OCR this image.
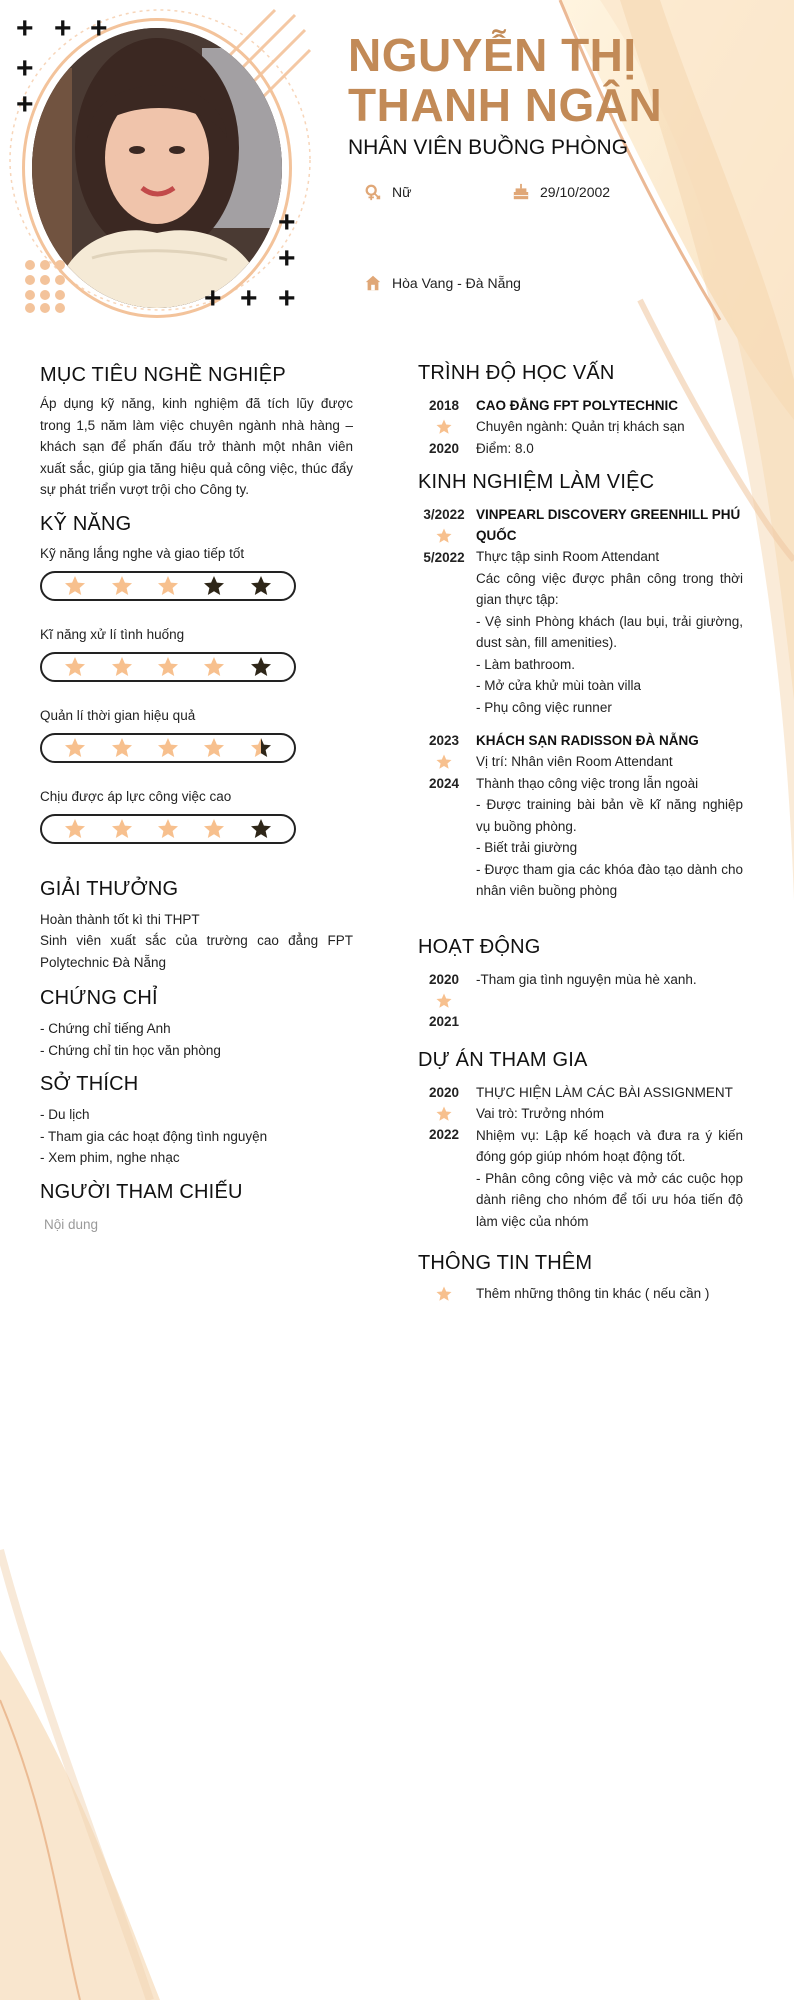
+ + +
+
+
+
+
+ + +
NGUYỄN THỊ
THANH NGÂN
NHÂN VIÊN BUỒNG PHÒNG
Nữ	29/10/2002
Hòa Vang - Đà Nẵng
MỤC TIÊU NGHỀ NGHIỆP
Áp dụng kỹ năng, kinh nghiệm đã tích lũy được trong 1,5 năm làm việc chuyên ngành nhà hàng – khách sạn để phấn đấu trở thành một nhân viên xuất sắc, giúp gia tăng hiệu quả công việc, thúc đẩy sự phát triển vượt trội cho Công ty.
KỸ NĂNG
Kỹ năng lắng nghe và giao tiếp tốt
Kĩ năng xử lí tình huống
Quản lí thời gian hiệu quả
Chịu được áp lực công việc cao
GIẢI THƯỞNG
Hoàn thành tốt kì thi THPT
Sinh viên xuất sắc của trường cao đẳng FPT Polytechnic Đà Nẵng
CHỨNG CHỈ
- Chứng chỉ tiếng Anh
- Chứng chỉ tin học văn phòng
SỞ THÍCH
- Du lịch
- Tham gia các hoạt động tình nguyện
- Xem phim, nghe nhạc
NGƯỜI THAM CHIẾU
Nội dung
TRÌNH ĐỘ HỌC VẤN
2018
2020
CAO ĐẲNG FPT POLYTECHNIC
Chuyên ngành: Quản trị khách sạn
Điểm: 8.0
KINH NGHIỆM LÀM VIỆC
3/2022
5/2022
VINPEARL DISCOVERY GREENHILL PHÚ QUỐC
Thực tập sinh Room Attendant
Các công việc được phân công trong thời gian thực tập:
- Vệ sinh Phòng khách (lau bụi, trải giường, dust sàn, fill amenities).
- Làm bathroom.
- Mở cửa khử mùi toàn villa
- Phụ công việc runner
2023
2024
KHÁCH SẠN RADISSON ĐÀ NẴNG
Vị trí: Nhân viên Room Attendant
Thành thạo công việc trong lẫn ngoài
- Được training bài bản về kĩ năng nghiệp vụ buồng phòng.
- Biết trải giường
- Được tham gia các khóa đào tạo dành cho nhân viên buồng phòng
HOẠT ĐỘNG
2020
2021
-Tham gia tình nguyện mùa hè xanh.
DỰ ÁN THAM GIA
2020
2022
THỰC HIỆN LÀM CÁC BÀI ASSIGNMENT
Vai trò: Trưởng nhóm
Nhiệm vụ: Lập kế hoạch và đưa ra ý kiến đóng góp giúp nhóm hoạt động tốt.
- Phân công công việc và mở các cuộc họp dành riêng cho nhóm để tối ưu hóa tiến độ làm việc của nhóm
THÔNG TIN THÊM
Thêm những thông tin khác ( nếu cần )
